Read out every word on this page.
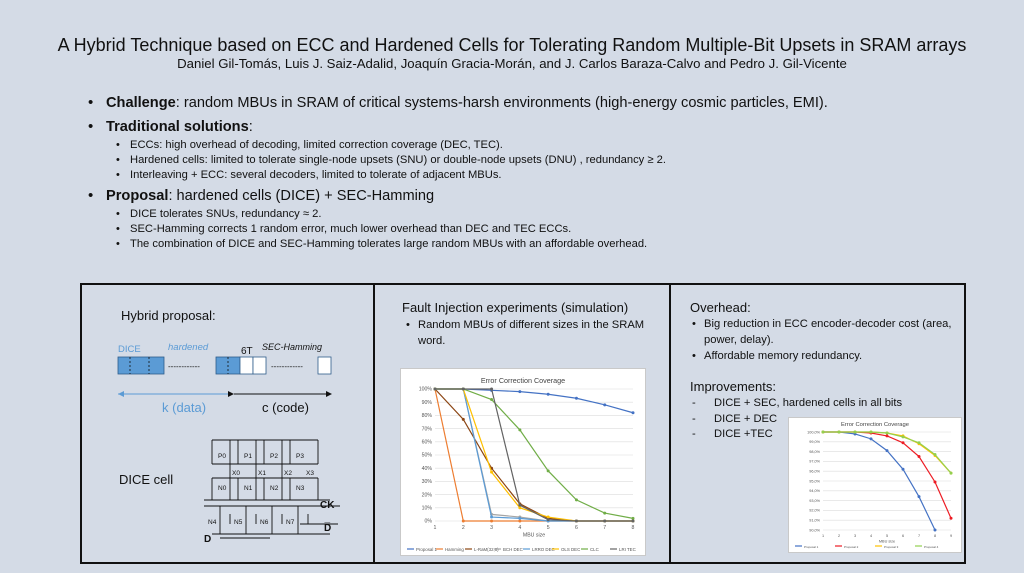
A Hybrid Technique based on ECC and Hardened Cells for Tolerating Random Multiple-Bit Upsets in SRAM arrays
Daniel Gil-Tomás, Luis J. Saiz-Adalid, Joaquín Gracia-Morán, and J. Carlos Baraza-Calvo and Pedro J. Gil-Vicente
• Challenge: random MBUs in SRAM of critical systems-harsh environments (high-energy cosmic particles, EMI).
• Traditional solutions:
• ECCs: high overhead of decoding, limited correction coverage (DEC, TEC).
• Hardened cells: limited to tolerate single-node upsets (SNU) or double-node upsets (DNU) , redundancy ≥ 2.
• Interleaving + ECC: several decoders, limited to tolerate of adjacent MBUs.
• Proposal: hardened cells (DICE) + SEC-Hamming
• DICE tolerates SNUs, redundancy ≈ 2.
• SEC-Hamming corrects 1 random error, much lower overhead than DEC and TEC ECCs.
• The combination of DICE and SEC-Hamming tolerates large random MBUs with an affordable overhead.
Hybrid proposal:
DICE	hardened	6T SEC-Hamming
------------	------------
k (data)	c (code)
DICE cell
P0	P1	P2	P3
X0	X1	X2 X3
N0	N1	N2	N3
N4	N5	N6	N7
CK
D̅
D
Fault Injection experiments (simulation)
• Random MBUs of different sizes in the SRAM word.
Error Correction Coverage
0%
10%
20%
30%
40%
50%
60%
70%
80%
90%
100%
1	2	3	4	5	6	7	8
MBU size
Proposal 1 Hamming L-RaM(32,8) BCH DEC LRRO DEC OLS DEC CLC	LRI TEC
Overhead:
• Big reduction in ECC encoder-decoder cost (area, power, delay).
• Affordable memory redundancy.
Improvements:
- DICE + SEC, hardened cells in all bits
- DICE + DEC
- DICE +TEC
Error Correction Coverage
90,0%
91,0%
92,0%
93,0%
94,0%
95,0%
96,0%
97,0%
98,0%
99,0%
100,0%
1	2	3	4	5	6	7	8	9
MBU size
Proposal 1	Proposal 2	Proposal 3	Proposal 4
